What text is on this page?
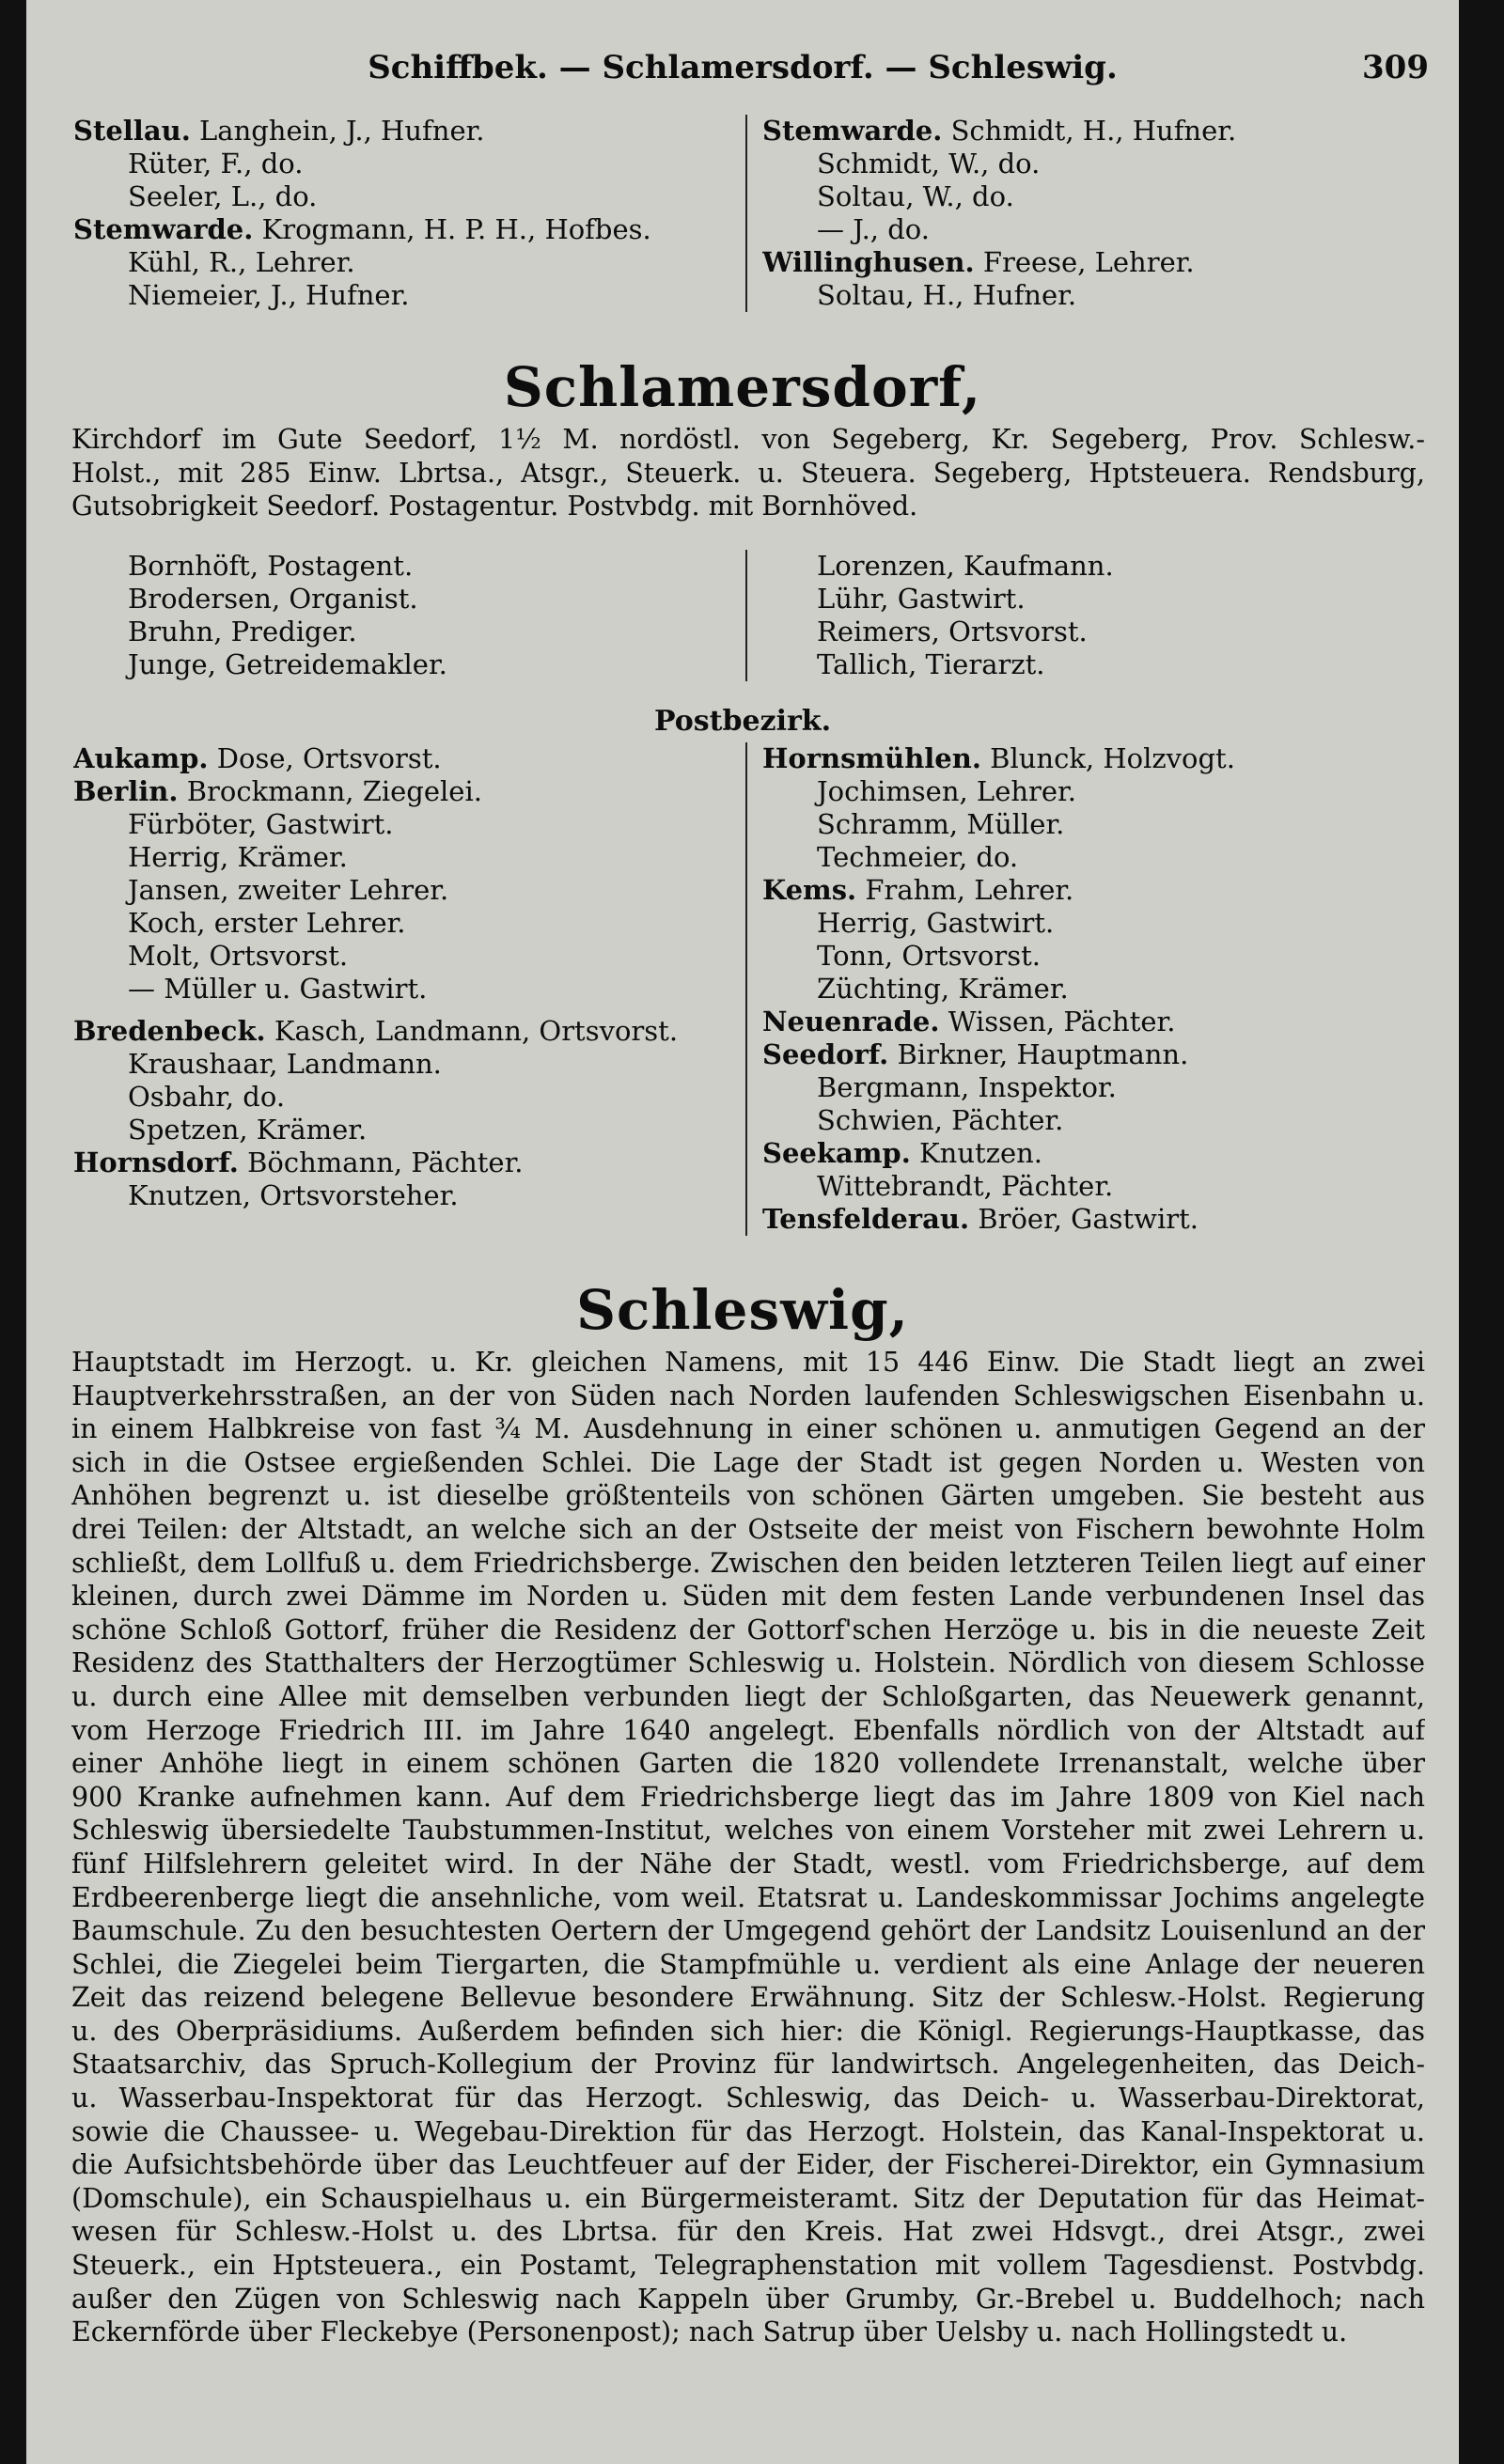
Schiffbek. — Schlamersdorf. — Schleswig.	309
Stellau. Langhein, J., Hufner.
Rüter, F., do.
Seeler, L., do.
Stemwarde. Krogmann, H. P. H., Hofbes.
Kühl, R., Lehrer.
Niemeier, J., Hufner.
Stemwarde. Schmidt, H., Hufner.
Schmidt, W., do.
Soltau, W., do.
— J., do.
Willinghusen. Freese, Lehrer.
Soltau, H., Hufner.
Schlamersdorf,
Kirchdorf im Gute Seedorf, 1½ M. nordöstl. von Segeberg, Kr. Segeberg, Prov. Schlesw.-
Holst., mit 285 Einw. Lbrtsa., Atsgr., Steuerk. u. Steuera. Segeberg, Hptsteuera. Rendsburg,
Gutsobrigkeit Seedorf. Postagentur. Postvbdg. mit Bornhöved.
Bornhöft, Postagent.
Brodersen, Organist.
Bruhn, Prediger.
Junge, Getreidemakler.
Lorenzen, Kaufmann.
Lühr, Gastwirt.
Reimers, Ortsvorst.
Tallich, Tierarzt.
Postbezirk.
Aukamp. Dose, Ortsvorst.
Berlin. Brockmann, Ziegelei.
Fürböter, Gastwirt.
Herrig, Krämer.
Jansen, zweiter Lehrer.
Koch, erster Lehrer.
Molt, Ortsvorst.
— Müller u. Gastwirt.
Bredenbeck. Kasch, Landmann, Ortsvorst.
Kraushaar, Landmann.
Osbahr, do.
Spetzen, Krämer.
Hornsdorf. Böchmann, Pächter.
Knutzen, Ortsvorsteher.
Hornsmühlen. Blunck, Holzvogt.
Jochimsen, Lehrer.
Schramm, Müller.
Techmeier, do.
Kems. Frahm, Lehrer.
Herrig, Gastwirt.
Tonn, Ortsvorst.
Züchting, Krämer.
Neuenrade. Wissen, Pächter.
Seedorf. Birkner, Hauptmann.
Bergmann, Inspektor.
Schwien, Pächter.
Seekamp. Knutzen.
Wittebrandt, Pächter.
Tensfelderau. Bröer, Gastwirt.
Schleswig,
Hauptstadt im Herzogt. u. Kr. gleichen Namens, mit 15 446 Einw. Die Stadt liegt an zwei
Hauptverkehrsstraßen, an der von Süden nach Norden laufenden Schleswigschen Eisenbahn u.
in einem Halbkreise von fast ¾ M. Ausdehnung in einer schönen u. anmutigen Gegend an der
sich in die Ostsee ergießenden Schlei. Die Lage der Stadt ist gegen Norden u. Westen von
Anhöhen begrenzt u. ist dieselbe größtenteils von schönen Gärten umgeben. Sie besteht aus
drei Teilen: der Altstadt, an welche sich an der Ostseite der meist von Fischern bewohnte Holm
schließt, dem Lollfuß u. dem Friedrichsberge. Zwischen den beiden letzteren Teilen liegt auf einer
kleinen, durch zwei Dämme im Norden u. Süden mit dem festen Lande verbundenen Insel das
schöne Schloß Gottorf, früher die Residenz der Gottorf'schen Herzöge u. bis in die neueste Zeit
Residenz des Statthalters der Herzogtümer Schleswig u. Holstein. Nördlich von diesem Schlosse
u. durch eine Allee mit demselben verbunden liegt der Schloßgarten, das Neuewerk genannt,
vom Herzoge Friedrich III. im Jahre 1640 angelegt. Ebenfalls nördlich von der Altstadt auf
einer Anhöhe liegt in einem schönen Garten die 1820 vollendete Irrenanstalt, welche über
900 Kranke aufnehmen kann. Auf dem Friedrichsberge liegt das im Jahre 1809 von Kiel nach
Schleswig übersiedelte Taubstummen-Institut, welches von einem Vorsteher mit zwei Lehrern u.
fünf Hilfslehrern geleitet wird. In der Nähe der Stadt, westl. vom Friedrichsberge, auf dem
Erdbeerenberge liegt die ansehnliche, vom weil. Etatsrat u. Landeskommissar Jochims angelegte
Baumschule. Zu den besuchtesten Oertern der Umgegend gehört der Landsitz Louisenlund an der
Schlei, die Ziegelei beim Tiergarten, die Stampfmühle u. verdient als eine Anlage der neueren
Zeit das reizend belegene Bellevue besondere Erwähnung. Sitz der Schlesw.-Holst. Regierung
u. des Oberpräsidiums. Außerdem befinden sich hier: die Königl. Regierungs-Hauptkasse, das
Staatsarchiv, das Spruch-Kollegium der Provinz für landwirtsch. Angelegenheiten, das Deich-
u. Wasserbau-Inspektorat für das Herzogt. Schleswig, das Deich- u. Wasserbau-Direktorat,
sowie die Chaussee- u. Wegebau-Direktion für das Herzogt. Holstein, das Kanal-Inspektorat u.
die Aufsichtsbehörde über das Leuchtfeuer auf der Eider, der Fischerei-Direktor, ein Gymnasium
(Domschule), ein Schauspielhaus u. ein Bürgermeisteramt. Sitz der Deputation für das Heimat-
wesen für Schlesw.-Holst u. des Lbrtsa. für den Kreis. Hat zwei Hdsvgt., drei Atsgr., zwei
Steuerk., ein Hptsteuera., ein Postamt, Telegraphenstation mit vollem Tagesdienst. Postvbdg.
außer den Zügen von Schleswig nach Kappeln über Grumby, Gr.-Brebel u. Buddelhoch; nach
Eckernförde über Fleckebye (Personenpost); nach Satrup über Uelsby u. nach Hollingstedt u.
